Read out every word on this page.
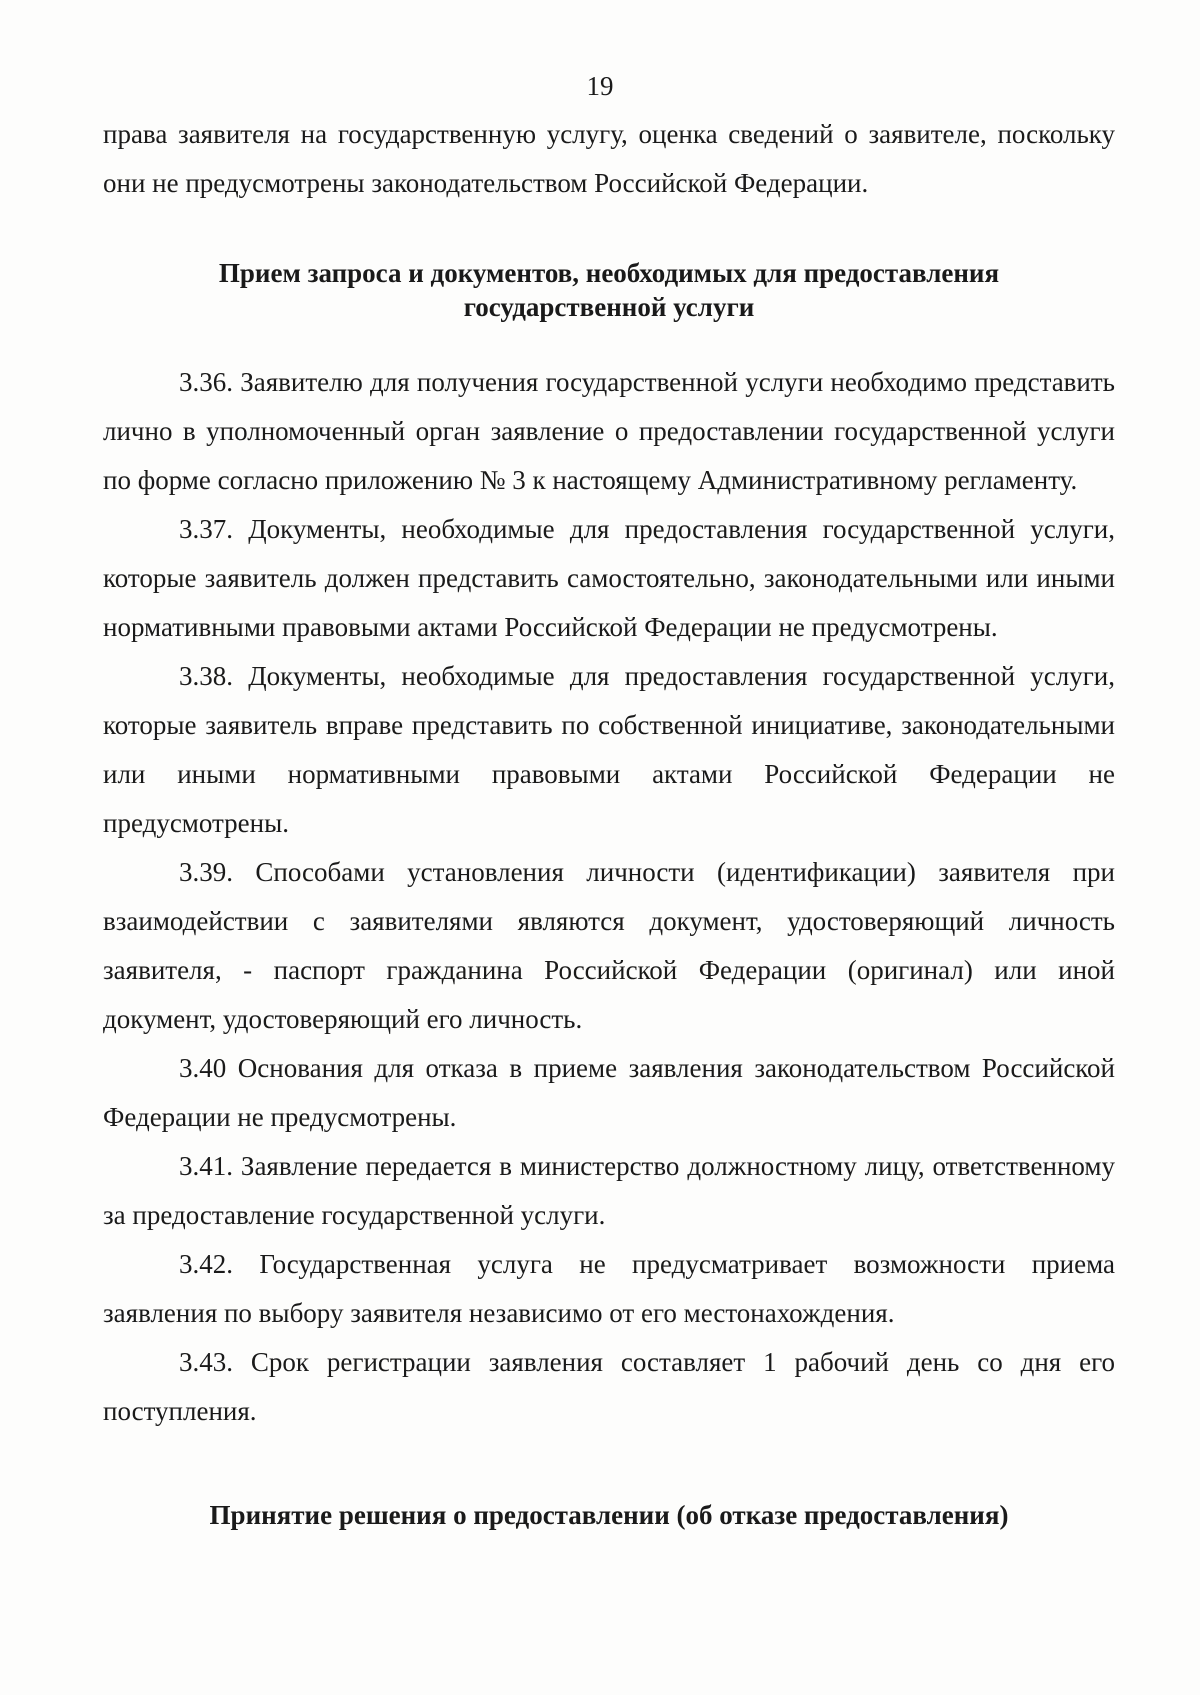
19

права заявителя на государственную услугу, оценка сведений о заявителе, поскольку они не предусмотрены законодательством Российской Федерации.

Прием запроса и документов, необходимых для предоставления
государственной услуги

3.36. Заявителю для получения государственной услуги необходимо представить лично в уполномоченный орган заявление о предоставлении государственной услуги по форме согласно приложению № 3 к настоящему Административному регламенту.

3.37. Документы, необходимые для предоставления государственной услуги, которые заявитель должен представить самостоятельно, законодательными или иными нормативными правовыми актами Российской Федерации не предусмотрены.

3.38. Документы, необходимые для предоставления государственной услуги, которые заявитель вправе представить по собственной инициативе, законодательными или иными нормативными правовыми актами Российской Федерации не предусмотрены.

3.39. Способами установления личности (идентификации) заявителя при взаимодействии с заявителями являются документ, удостоверяющий личность заявителя, - паспорт гражданина Российской Федерации (оригинал) или иной документ, удостоверяющий его личность.

3.40 Основания для отказа в приеме заявления законодательством Российской Федерации не предусмотрены.

3.41. Заявление передается в министерство должностному лицу, ответственному за предоставление государственной услуги.

3.42. Государственная услуга не предусматривает возможности приема заявления по выбору заявителя независимо от его местонахождения.

3.43. Срок регистрации заявления составляет 1 рабочий день со дня его поступления.

Принятие решения о предоставлении (об отказе предоставления)
